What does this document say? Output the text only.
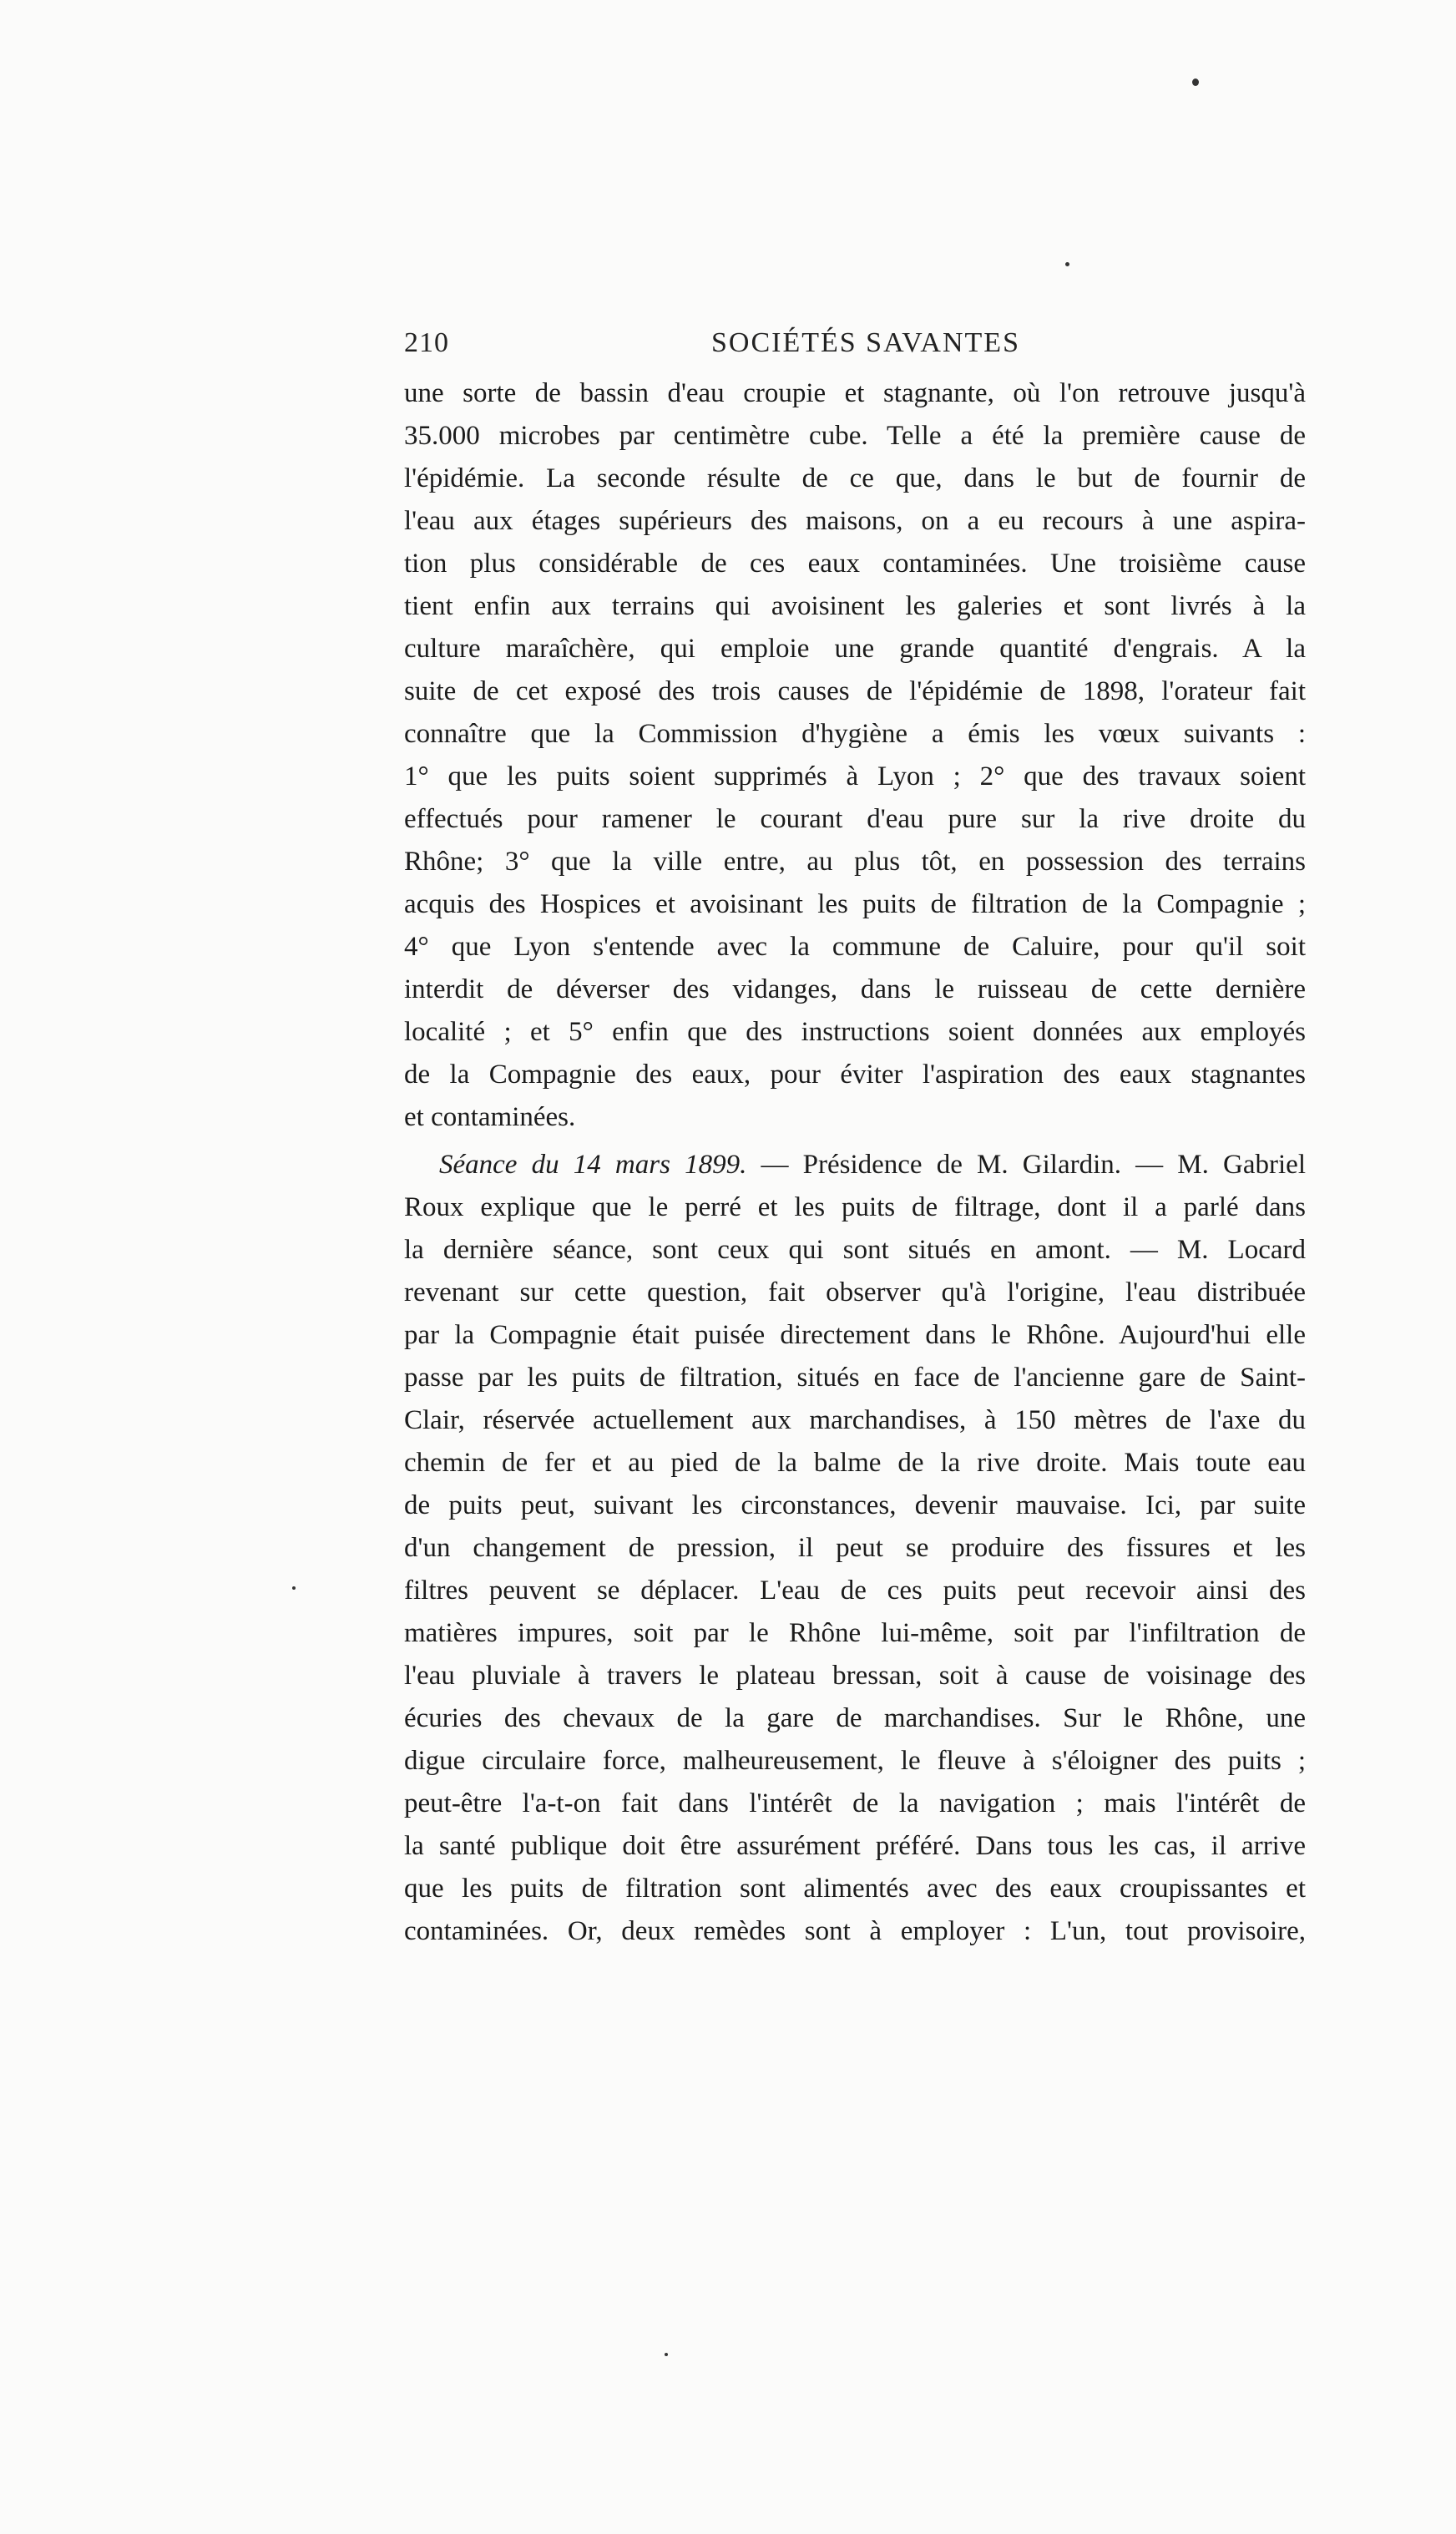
210	SOCIÉTÉS SAVANTES
une sorte de bassin d'eau croupie et stagnante, où l'on retrouve jusqu'à
35.000 microbes par centimètre cube. Telle a été la première cause de
l'épidémie. La seconde résulte de ce que, dans le but de fournir de
l'eau aux étages supérieurs des maisons, on a eu recours à une aspira-
tion plus considérable de ces eaux contaminées. Une troisième cause
tient enfin aux terrains qui avoisinent les galeries et sont livrés à la
culture maraîchère, qui emploie une grande quantité d'engrais. A la
suite de cet exposé des trois causes de l'épidémie de 1898, l'orateur fait
connaître que la Commission d'hygiène a émis les vœux suivants :
1° que les puits soient supprimés à Lyon ; 2° que des travaux soient
effectués pour ramener le courant d'eau pure sur la rive droite du
Rhône; 3° que la ville entre, au plus tôt, en possession des terrains
acquis des Hospices et avoisinant les puits de filtration de la Compagnie ;
4° que Lyon s'entende avec la commune de Caluire, pour qu'il soit
interdit de déverser des vidanges, dans le ruisseau de cette dernière
localité ; et 5° enfin que des instructions soient données aux employés
de la Compagnie des eaux, pour éviter l'aspiration des eaux stagnantes
et contaminées.
Séance du 14 mars 1899. — Présidence de M. Gilardin. — M. Gabriel
Roux explique que le perré et les puits de filtrage, dont il a parlé dans
la dernière séance, sont ceux qui sont situés en amont. — M. Locard
revenant sur cette question, fait observer qu'à l'origine, l'eau distribuée
par la Compagnie était puisée directement dans le Rhône. Aujourd'hui elle
passe par les puits de filtration, situés en face de l'ancienne gare de Saint-
Clair, réservée actuellement aux marchandises, à 150 mètres de l'axe du
chemin de fer et au pied de la balme de la rive droite. Mais toute eau
de puits peut, suivant les circonstances, devenir mauvaise. Ici, par suite
d'un changement de pression, il peut se produire des fissures et les
filtres peuvent se déplacer. L'eau de ces puits peut recevoir ainsi des
matières impures, soit par le Rhône lui-même, soit par l'infiltration de
l'eau pluviale à travers le plateau bressan, soit à cause de voisinage des
écuries des chevaux de la gare de marchandises. Sur le Rhône, une
digue circulaire force, malheureusement, le fleuve à s'éloigner des puits ;
peut-être l'a-t-on fait dans l'intérêt de la navigation ; mais l'intérêt de
la santé publique doit être assurément préféré. Dans tous les cas, il arrive
que les puits de filtration sont alimentés avec des eaux croupissantes et
contaminées. Or, deux remèdes sont à employer : L'un, tout provisoire,
